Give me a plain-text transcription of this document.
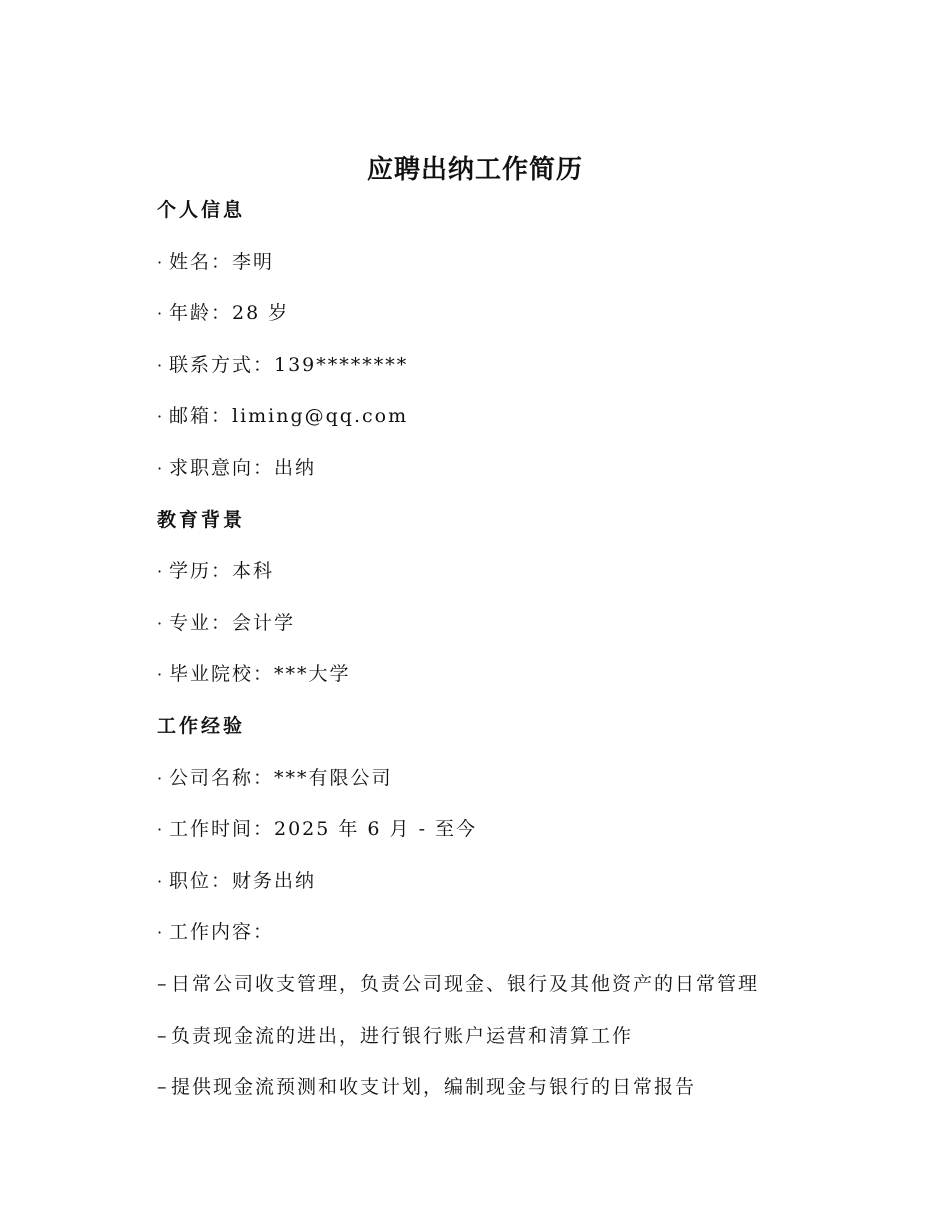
应聘出纳工作简历
个人信息
· 姓名：李明
· 年龄：28 岁
· 联系方式：139********
· 邮箱：liming@qq.com
· 求职意向：出纳
教育背景
· 学历：本科
· 专业：会计学
· 毕业院校：***大学
工作经验
· 公司名称：***有限公司
· 工作时间：2025 年 6 月 - 至今
· 职位：财务出纳
· 工作内容：
– 日常公司收支管理，负责公司现金、银行及其他资产的日常管理
– 负责现金流的进出，进行银行账户运营和清算工作
– 提供现金流预测和收支计划，编制现金与银行的日常报告
